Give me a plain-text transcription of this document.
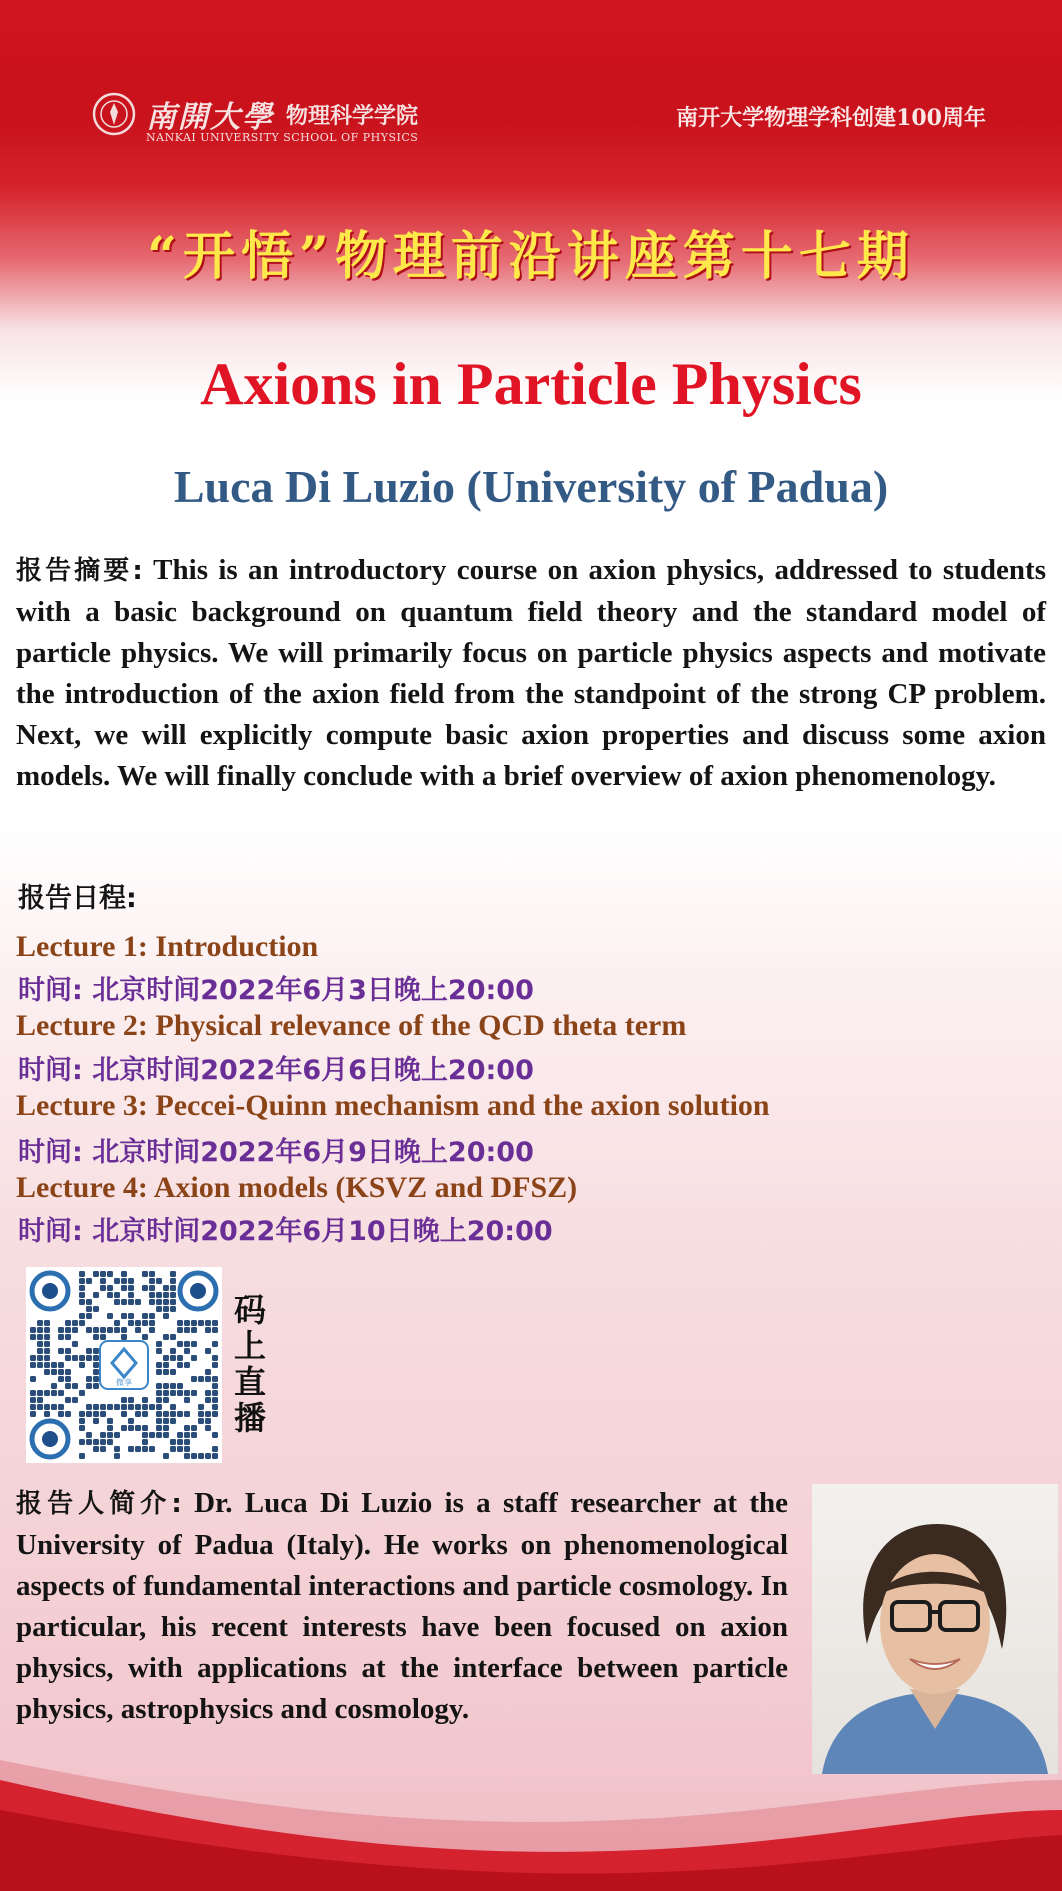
南開大學 物理科学学院
NANKAI UNIVERSITY SCHOOL OF PHYSICS
南开大学物理学科创建100周年
“开悟”物理前沿讲座第十七期
Axions in Particle Physics
Luca Di Luzio (University of Padua)
报告摘要: This is an introductory course on axion physics, addressed to students with a basic background on quantum field theory and the standard model of particle physics. We will primarily focus on particle physics aspects and motivate the introduction of the axion field from the standpoint of the strong CP problem. Next, we will explicitly compute basic axion properties and discuss some axion models. We will finally conclude with a brief overview of axion phenomenology.
报告日程:
Lecture 1: Introduction
时间: 北京时间2022年6月3日晚上20:00
Lecture 2: Physical relevance of the QCD theta term
时间: 北京时间2022年6月6日晚上20:00
Lecture 3: Peccei-Quinn mechanism and the axion solution
时间: 北京时间2022年6月9日晚上20:00
Lecture 4: Axion models (KSVZ and DFSZ)
时间: 北京时间2022年6月10日晚上20:00
微享
码上直播
报告人简介: Dr. Luca Di Luzio is a staff researcher at the University of Padua (Italy). He works on phenomenological aspects of fundamental interactions and particle cosmology. In particular, his recent interests have been focused on axion physics, with applications at the interface between particle physics, astrophysics and cosmology.
